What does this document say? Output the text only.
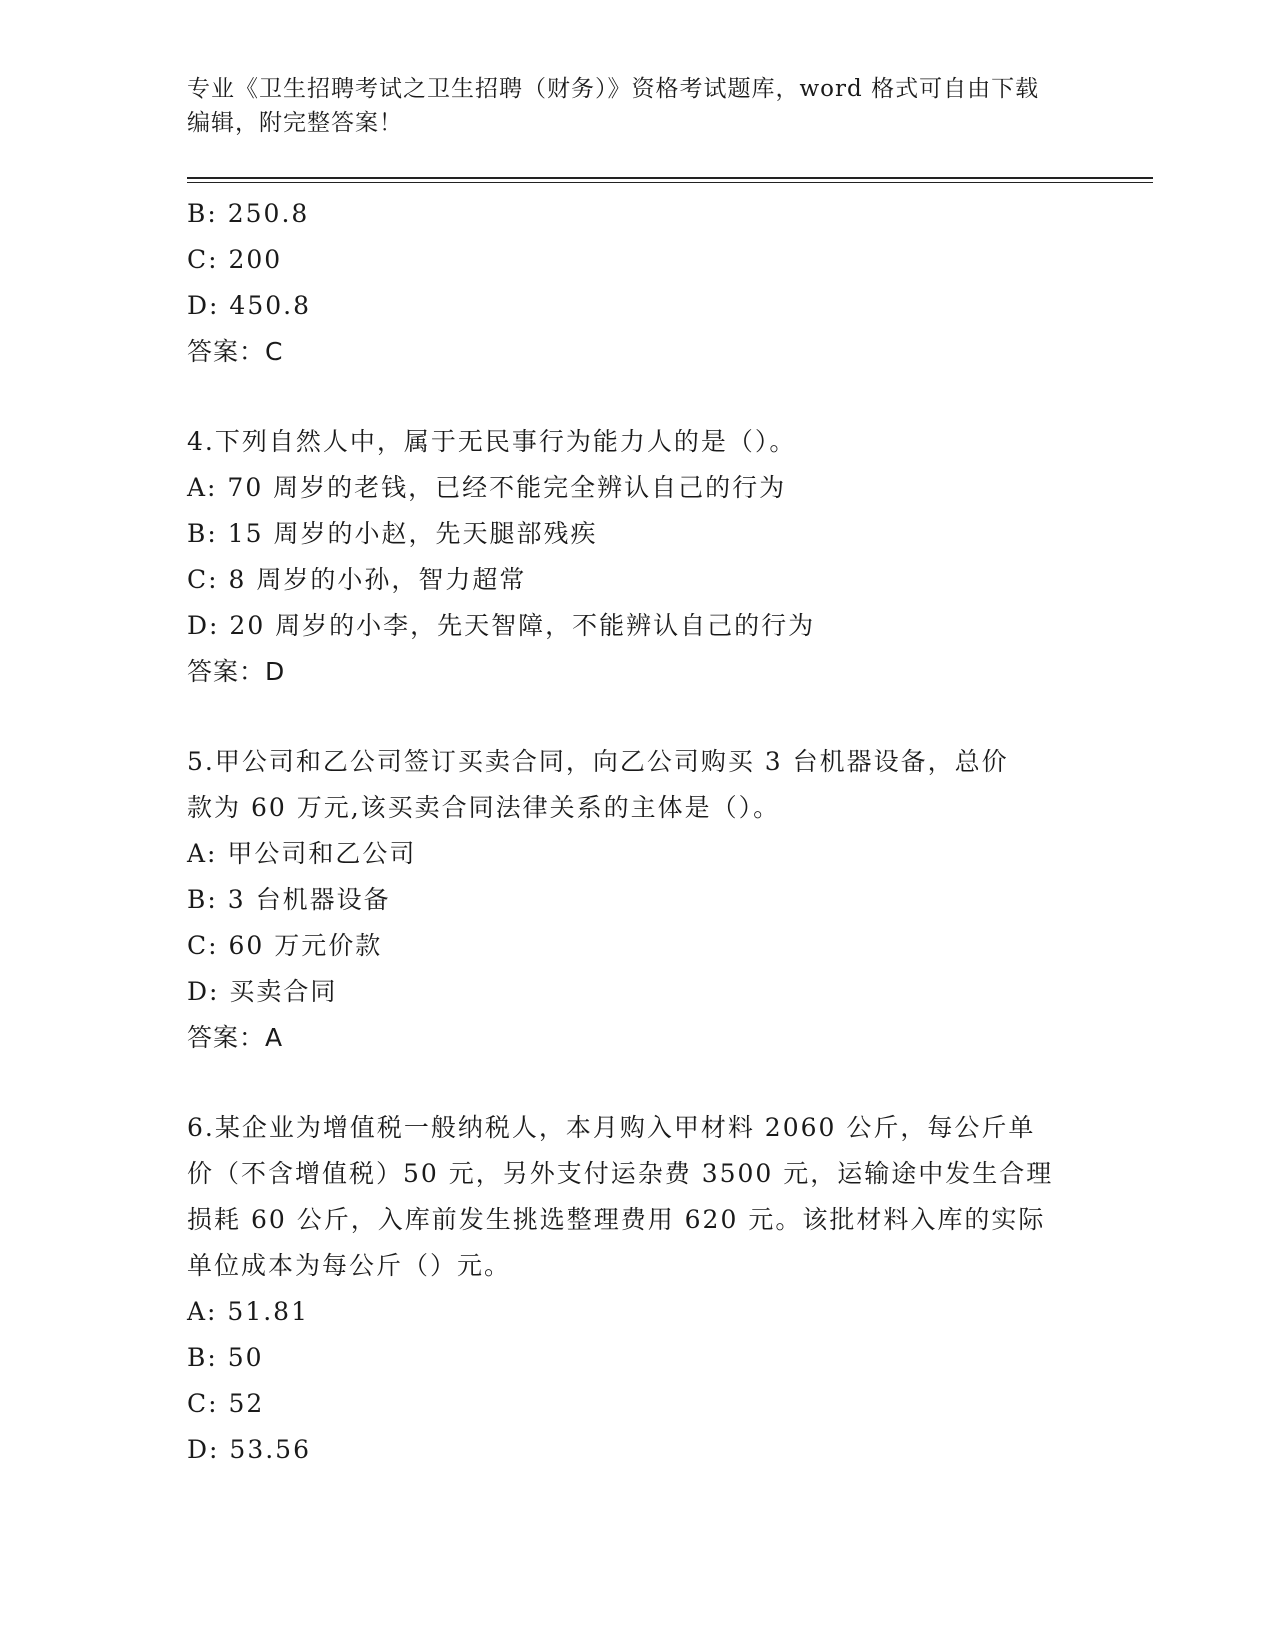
专业《卫生招聘考试之卫生招聘（财务）》资格考试题库，word 格式可自由下载
编辑，附完整答案！
B: 250.8
C: 200
D: 450.8
答案：C
4.下列自然人中，属于无民事行为能力人的是（）。
A: 70 周岁的老钱，已经不能完全辨认自己的行为
B: 15 周岁的小赵，先天腿部残疾
C: 8 周岁的小孙，智力超常
D: 20 周岁的小李，先天智障，不能辨认自己的行为
答案：D
5.甲公司和乙公司签订买卖合同，向乙公司购买 3 台机器设备，总价
款为 60 万元,该买卖合同法律关系的主体是（）。
A: 甲公司和乙公司
B: 3 台机器设备
C: 60 万元价款
D: 买卖合同
答案：A
6.某企业为增值税一般纳税人，本月购入甲材料 2060 公斤，每公斤单
价（不含增值税）50 元，另外支付运杂费 3500 元，运输途中发生合理
损耗 60 公斤，入库前发生挑选整理费用 620 元。该批材料入库的实际
单位成本为每公斤（）元。
A: 51.81
B: 50
C: 52
D: 53.56
